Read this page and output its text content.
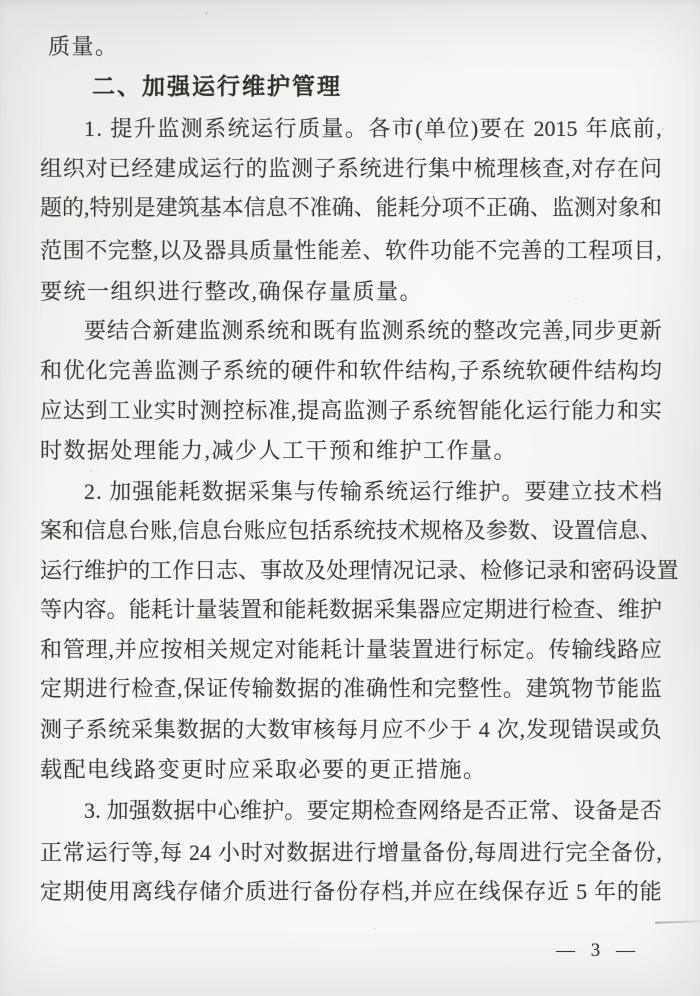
质量。
二、加强运行维护管理
1 .
提 升 监 测 系 统 运 行 质 量 。 各 市 ( 单 位 ) 要 在
2015
年 底 前 ,
组 织 对 已 经 建 成 运 行 的 监 测 子 系 统 进 行 集 中 梳 理 核 查 , 对 存 在 问
题 的 , 特 别 是 建 筑 基 本 信 息 不 准 确 、 能 耗 分 项 不 正 确 、 监 测 对 象 和
范 围 不 完 整 , 以 及 器 具 质 量 性 能 差 、 软 件 功 能 不 完 善 的 工 程 项 目 ,
要统一组织进行整改,确保存量质量。
要 结 合 新 建 监 测 系 统 和 既 有 监 测 系 统 的 整 改 完 善 , 同 步 更 新
和 优 化 完 善 监 测 子 系 统 的 硬 件 和 软 件 结 构 , 子 系 统 软 硬 件 结 构 均
应 达 到 工 业 实 时 测 控 标 准 , 提 高 监 测 子 系 统 智 能 化 运 行 能 力 和 实
时数据处理能力,减少人工干预和维护工作量。
2 .
加 强 能 耗 数 据 采 集 与 传 输 系 统 运 行 维 护 。 要 建 立 技 术 档
案 和 信 息 台 账 , 信 息 台 账 应 包 括 系 统 技 术 规 格 及 参 数 、 设 置 信 息 、
运 行 维 护 的 工 作 日 志 、 事 故 及 处 理 情 况 记 录 、 检 修 记 录 和 密 码 设 置
等 内 容 。 能 耗 计 量 装 置 和 能 耗 数 据 采 集 器 应 定 期 进 行 检 查 、 维 护
和 管 理 , 并 应 按 相 关 规 定 对 能 耗 计 量 装 置 进 行 标 定 。 传 输 线 路 应
定 期 进 行 检 查 , 保 证 传 输 数 据 的 准 确 性 和 完 整 性 。 建 筑 物 节 能 监
测 子 系 统 采 集 数 据 的 大 数 审 核 每 月 应 不 少 于
4
次 , 发 现 错 误 或 负
载配电线路变更时应采取必要的更正措施。
3 .
加 强 数 据 中 心 维 护 。 要 定 期 检 查 网 络 是 否 正 常 、 设 备 是 否
正 常 运 行 等 , 每
24
小 时 对 数 据 进 行 增 量 备 份 , 每 周 进 行 完 全 备 份 ,
定 期 使 用 离 线 存 储 介 质 进 行 备 份 存 档 , 并 应 在 线 保 存 近
5
年 的 能
— 3 —
